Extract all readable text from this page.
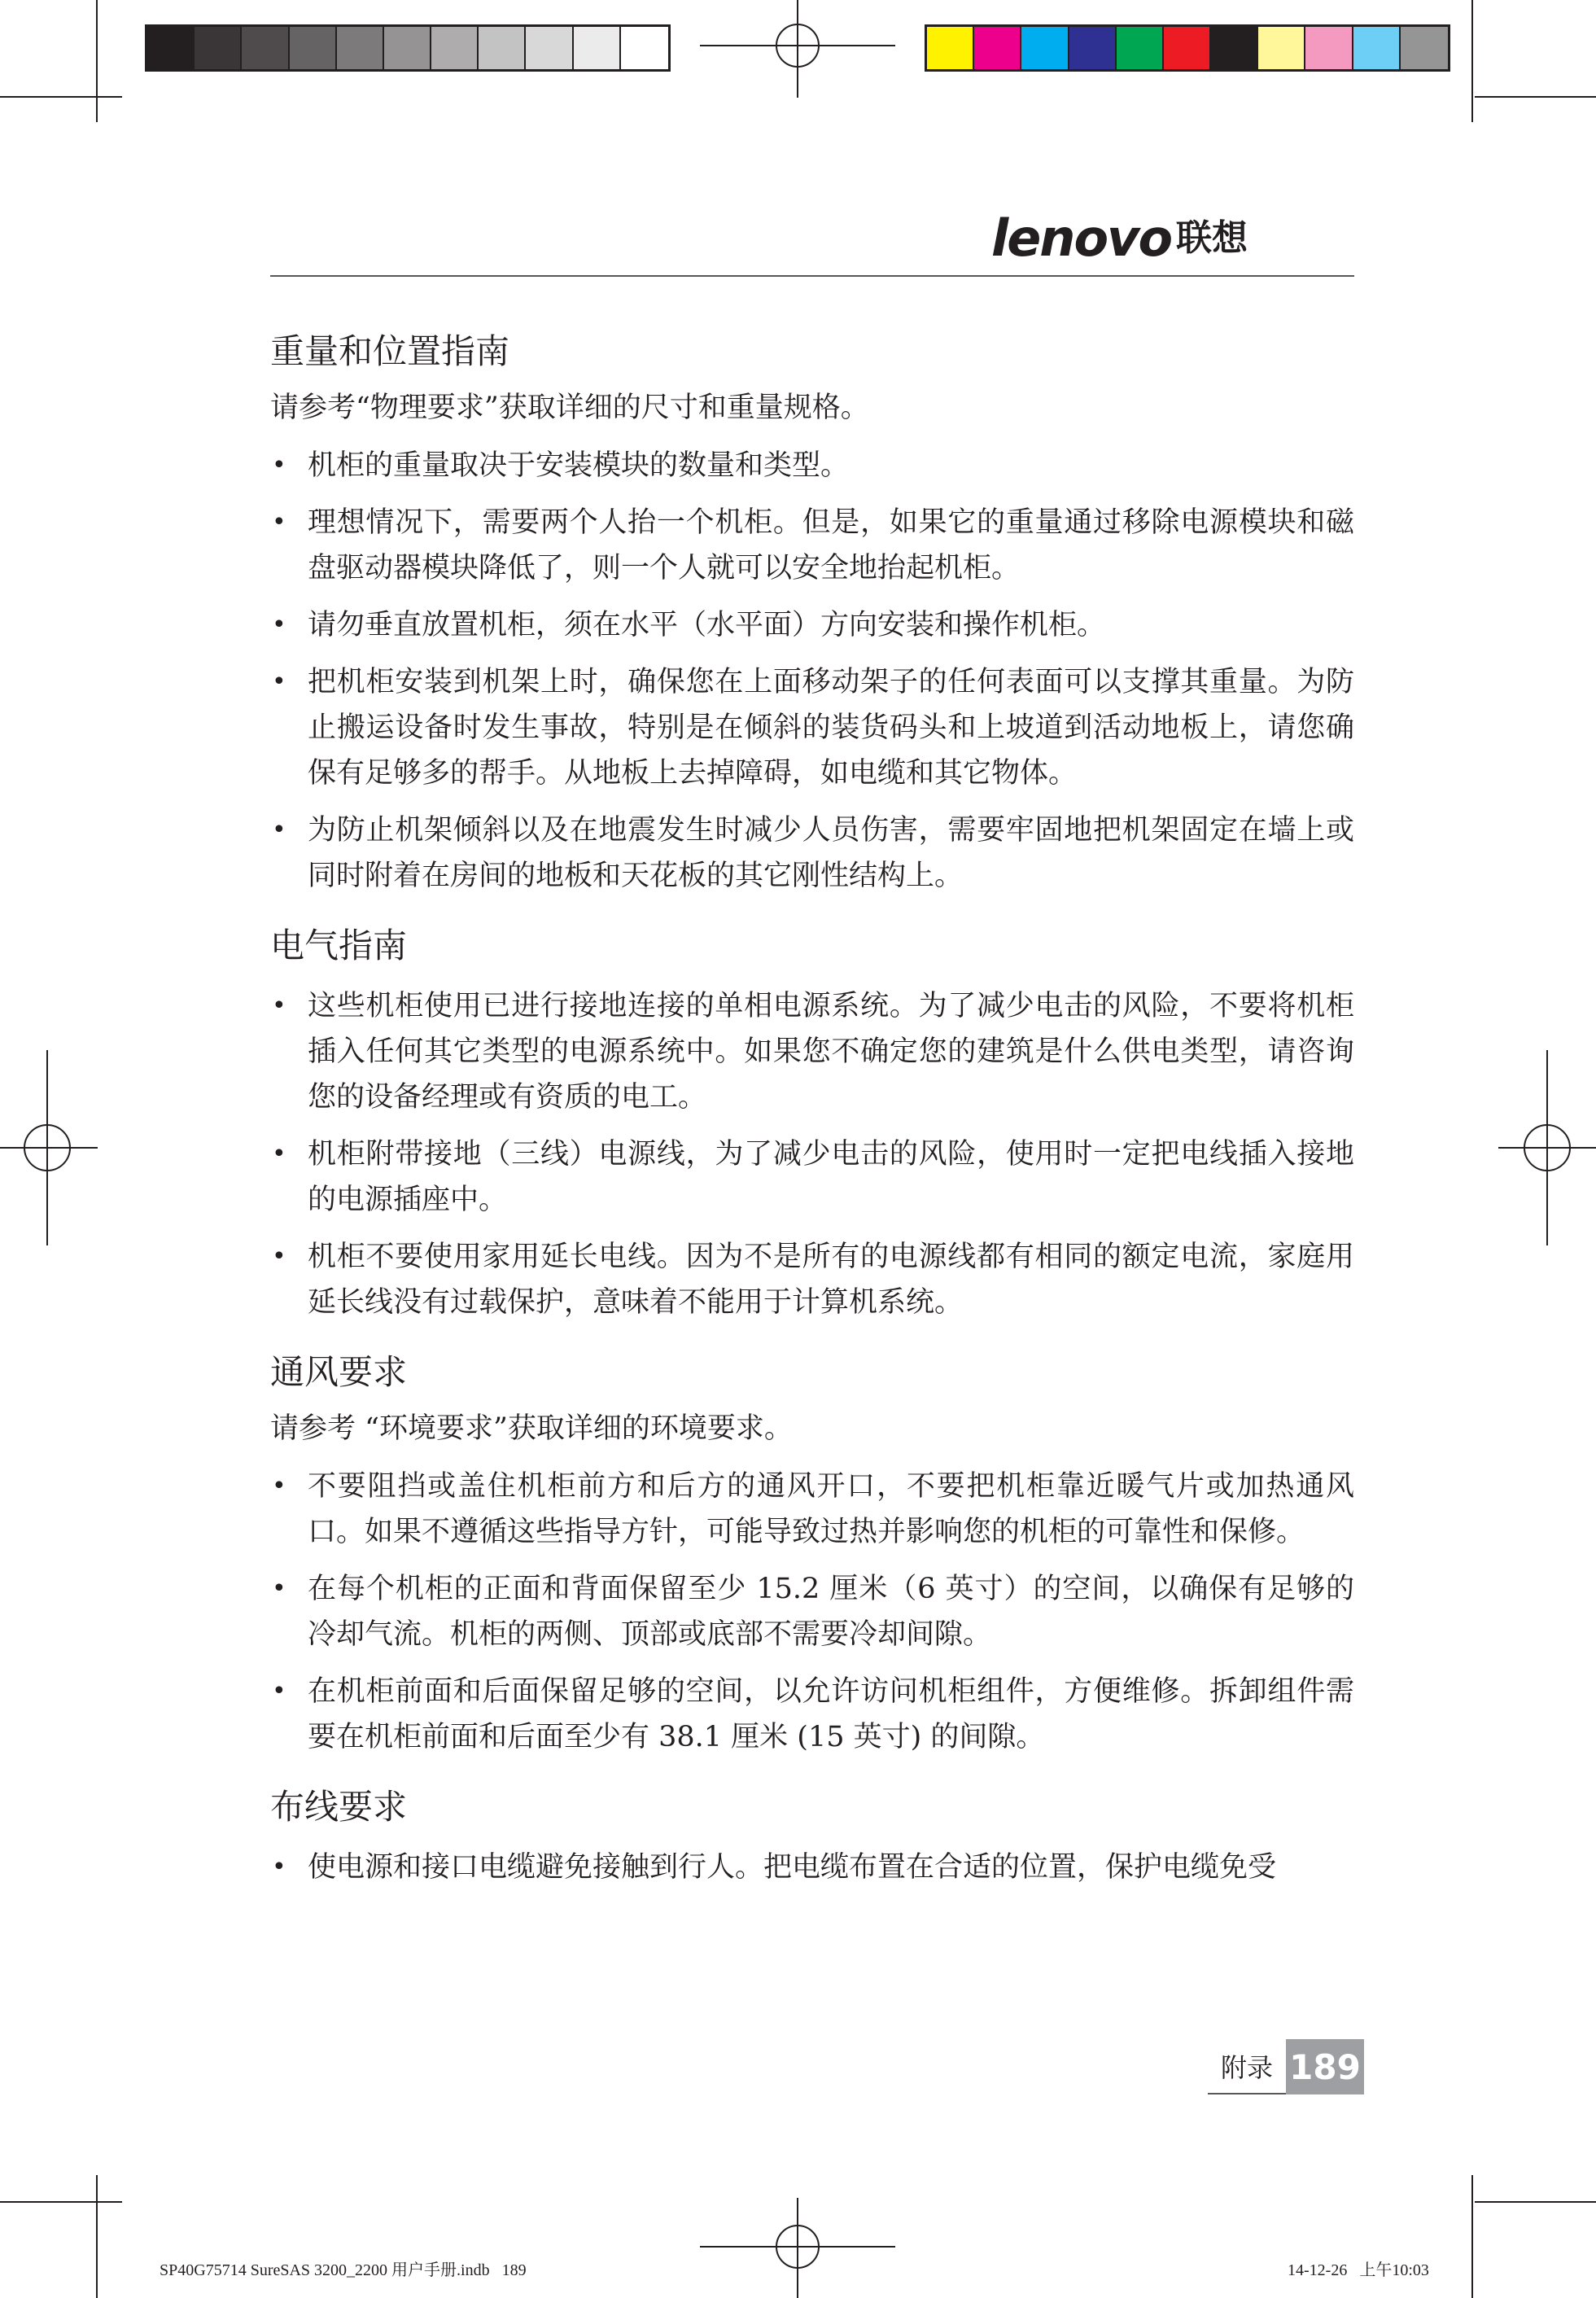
lenovo 联想
重量和位置指南

请参考“物理要求”获取详细的尺寸和重量规格。

• 机柜的重量取决于安装模块的数量和类型。
• 理想情况下，需要两个人抬一个机柜。但是，如果它的重量通过移除电源模块和磁盘驱动器模块降低了，则一个人就可以安全地抬起机柜。
• 请勿垂直放置机柜，须在水平（水平面）方向安装和操作机柜。
• 把机柜安装到机架上时，确保您在上面移动架子的任何表面可以支撑其重量。为防止搬运设备时发生事故，特别是在倾斜的装货码头和上坡道到活动地板上，请您确保有足够多的帮手。从地板上去掉障碍，如电缆和其它物体。
• 为防止机架倾斜以及在地震发生时减少人员伤害，需要牢固地把机架固定在墙上或同时附着在房间的地板和天花板的其它刚性结构上。
电气指南
• 这些机柜使用已进行接地连接的单相电源系统。为了减少电击的风险，不要将机柜插入任何其它类型的电源系统中。如果您不确定您的建筑是什么供电类型，请咨询您的设备经理或有资质的电工。
• 机柜附带接地（三线）电源线，为了减少电击的风险，使用时一定把电线插入接地的电源插座中。
• 机柜不要使用家用延长电线。因为不是所有的电源线都有相同的额定电流，家庭用延长线没有过载保护，意味着不能用于计算机系统。
通风要求

请参考 “环境要求”获取详细的环境要求。

• 不要阻挡或盖住机柜前方和后方的通风开口，不要把机柜靠近暖气片或加热通风口。如果不遵循这些指导方针，可能导致过热并影响您的机柜的可靠性和保修。
• 在每个机柜的正面和背面保留至少 15.2 厘米（6 英寸）的空间，以确保有足够的冷却气流。机柜的两侧、顶部或底部不需要冷却间隙。
• 在机柜前面和后面保留足够的空间，以允许访问机柜组件，方便维修。拆卸组件需要在机柜前面和后面至少有 38.1 厘米 (15 英寸) 的间隙。
布线要求
• 使电源和接口电缆避免接触到行人。把电缆布置在合适的位置，保护电缆免受
附录 189
SP40G75714 SureSAS 3200_2200 用户手册.indb   189	14-12-26   上午10:03
